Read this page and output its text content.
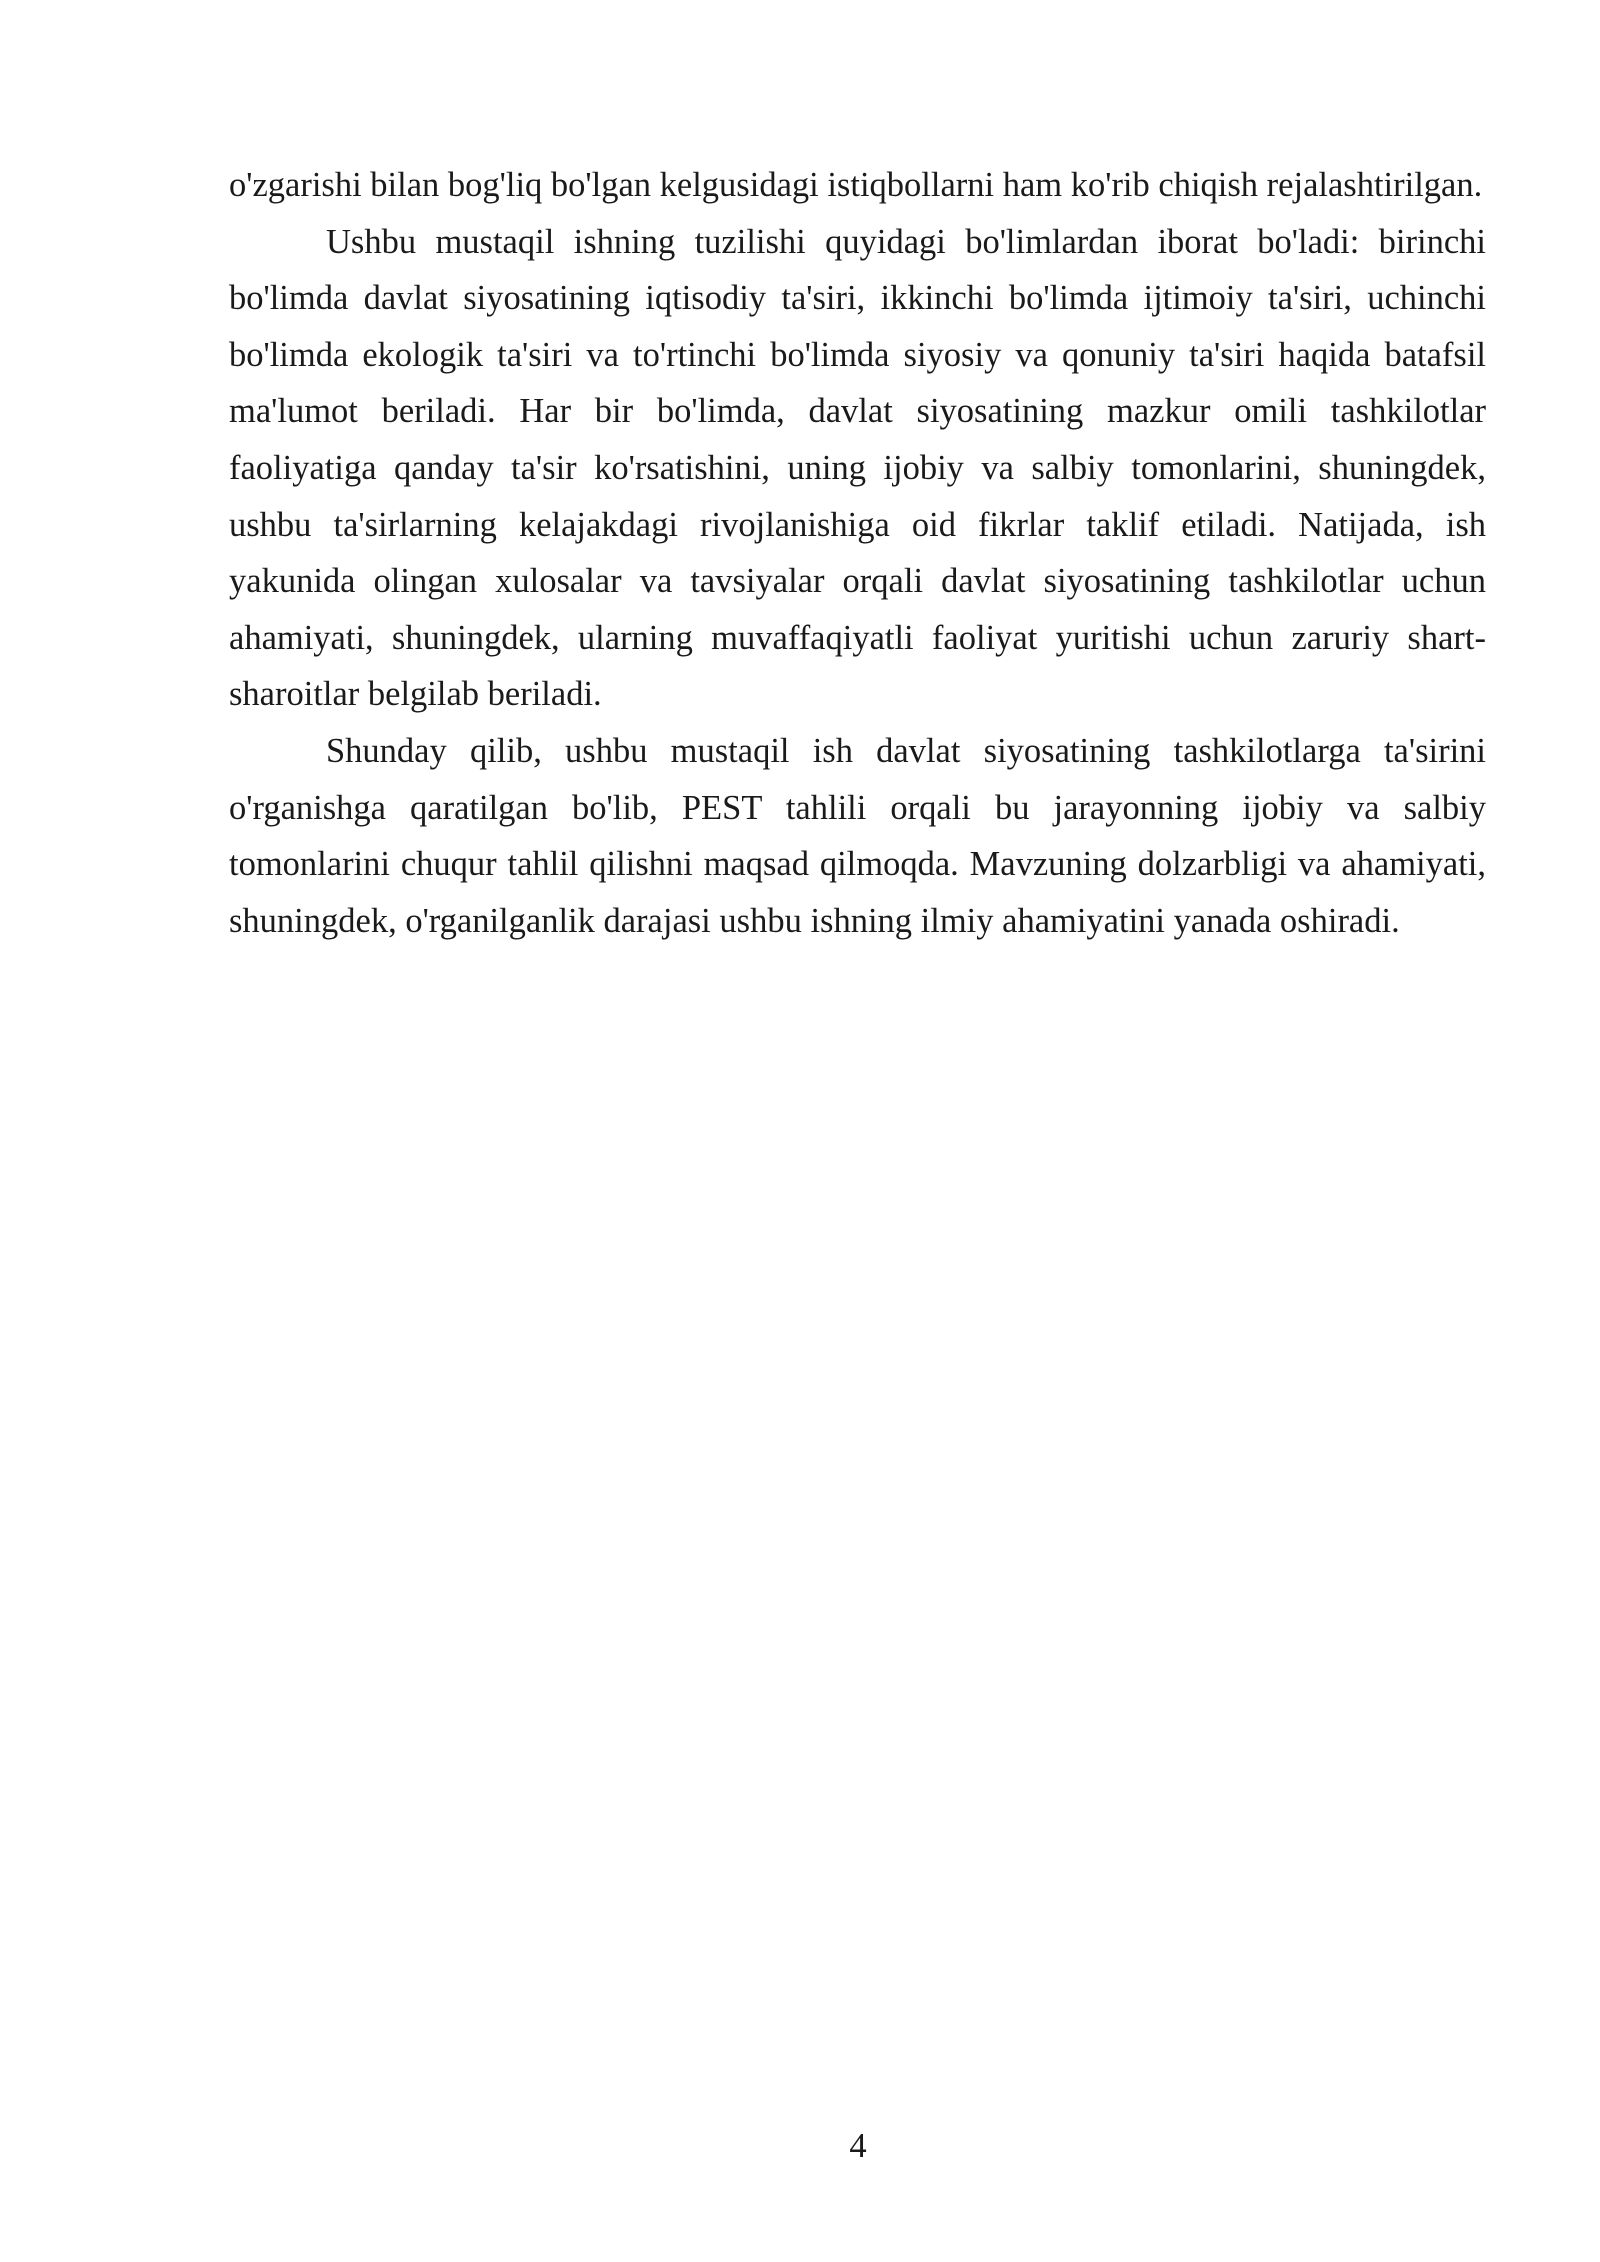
o'zgarishi bilan bog'liq bo'lgan kelgusidagi istiqbollarni ham ko'rib chiqish rejalashtirilgan.

Ushbu mustaqil ishning tuzilishi quyidagi bo'limlardan iborat bo'ladi: birinchi bo'limda davlat siyosatining iqtisodiy ta'siri, ikkinchi bo'limda ijtimoiy ta'siri, uchinchi bo'limda ekologik ta'siri va to'rtinchi bo'limda siyosiy va qonuniy ta'siri haqida batafsil ma'lumot beriladi. Har bir bo'limda, davlat siyosatining mazkur omili tashkilotlar faoliyatiga qanday ta'sir ko'rsatishini, uning ijobiy va salbiy tomonlarini, shuningdek, ushbu ta'sirlarning kelajakdagi rivojlanishiga oid fikrlar taklif etiladi. Natijada, ish yakunida olingan xulosalar va tavsiyalar orqali davlat siyosatining tashkilotlar uchun ahamiyati, shuningdek, ularning muvaffaqiyatli faoliyat yuritishi uchun zaruriy shart-sharoitlar belgilab beriladi.

Shunday qilib, ushbu mustaqil ish davlat siyosatining tashkilotlarga ta'sirini o'rganishga qaratilgan bo'lib, PEST tahlili orqali bu jarayonning ijobiy va salbiy tomonlarini chuqur tahlil qilishni maqsad qilmoqda. Mavzuning dolzarbligi va ahamiyati, shuningdek, o'rganilganlik darajasi ushbu ishning ilmiy ahamiyatini yanada oshiradi.

4
